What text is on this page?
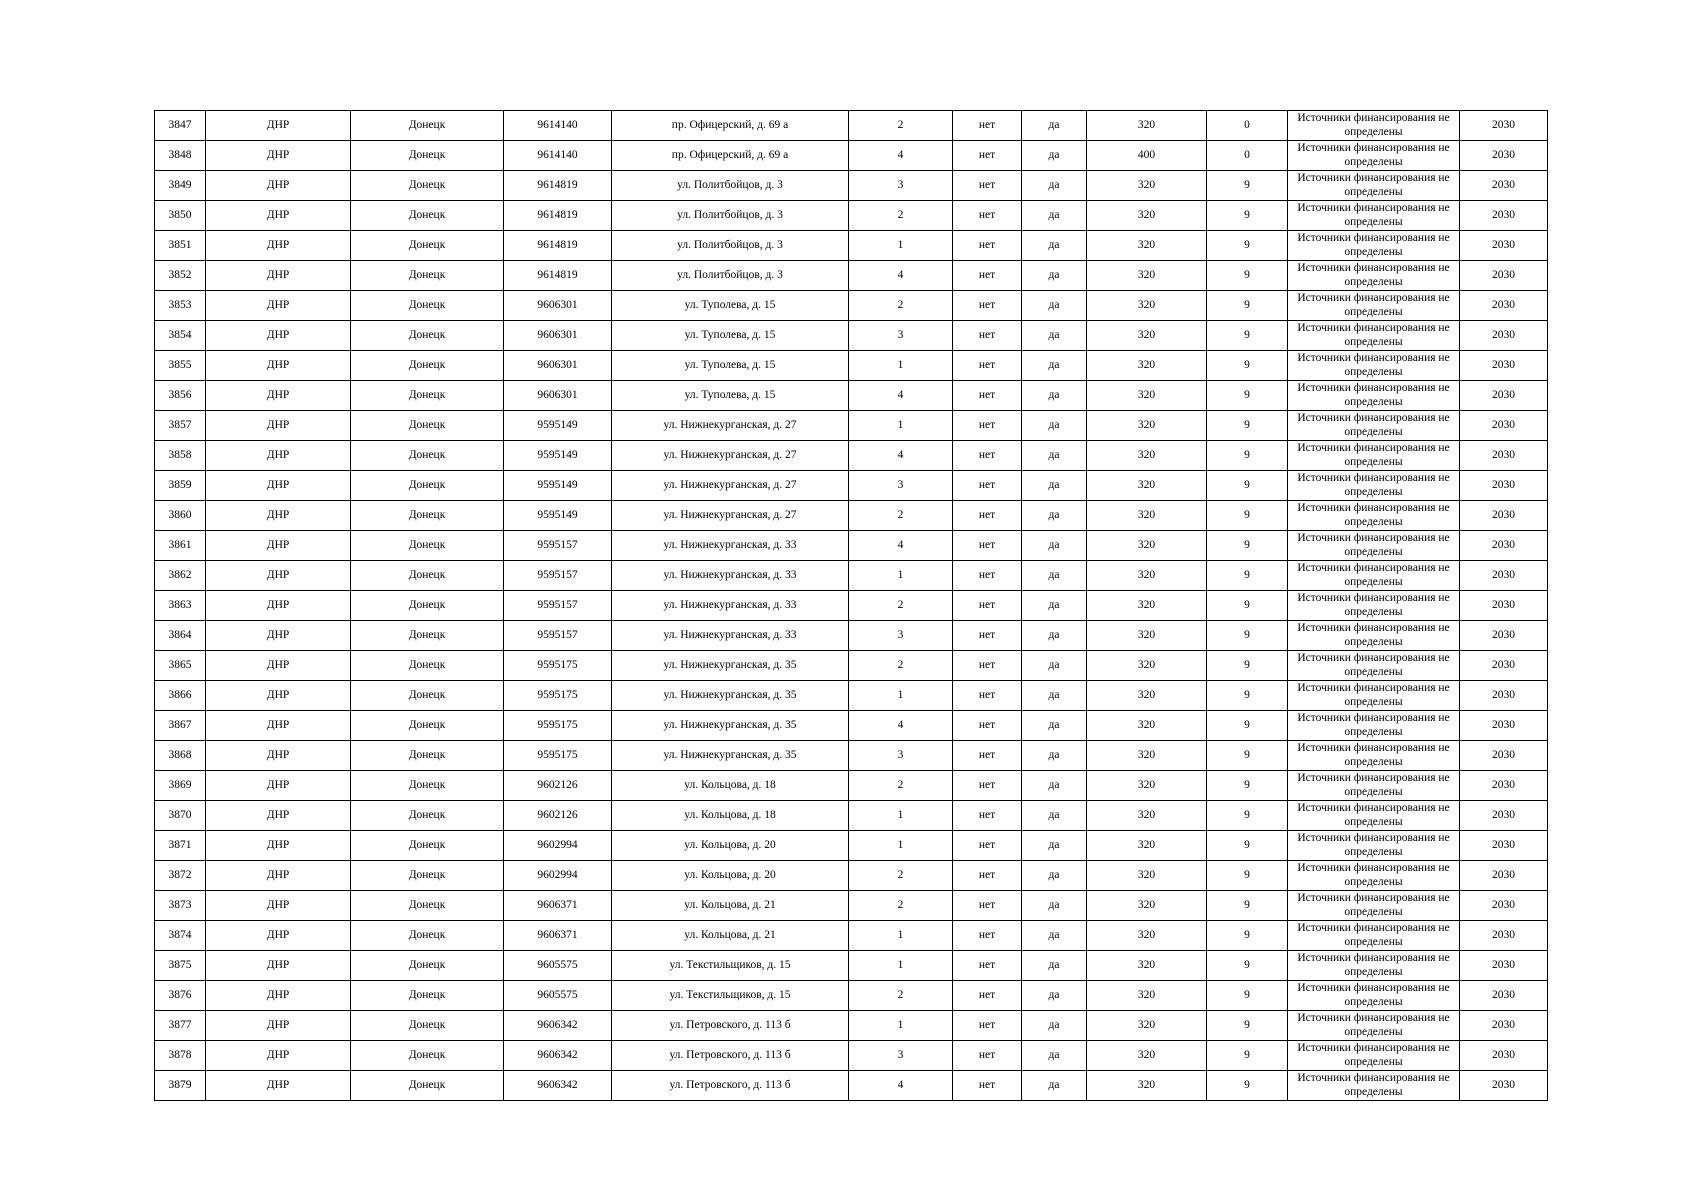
3847	ДНР	Донецк	9614140	пр. Офицерский, д. 69 а	2	нет	да	320	0	Источники финансирования не определены	2030
3848	ДНР	Донецк	9614140	пр. Офицерский, д. 69 а	4	нет	да	400	0	Источники финансирования не определены	2030
3849	ДНР	Донецк	9614819	ул. Политбойцов, д. 3	3	нет	да	320	9	Источники финансирования не определены	2030
3850	ДНР	Донецк	9614819	ул. Политбойцов, д. 3	2	нет	да	320	9	Источники финансирования не определены	2030
3851	ДНР	Донецк	9614819	ул. Политбойцов, д. 3	1	нет	да	320	9	Источники финансирования не определены	2030
3852	ДНР	Донецк	9614819	ул. Политбойцов, д. 3	4	нет	да	320	9	Источники финансирования не определены	2030
3853	ДНР	Донецк	9606301	ул. Туполева, д. 15	2	нет	да	320	9	Источники финансирования не определены	2030
3854	ДНР	Донецк	9606301	ул. Туполева, д. 15	3	нет	да	320	9	Источники финансирования не определены	2030
3855	ДНР	Донецк	9606301	ул. Туполева, д. 15	1	нет	да	320	9	Источники финансирования не определены	2030
3856	ДНР	Донецк	9606301	ул. Туполева, д. 15	4	нет	да	320	9	Источники финансирования не определены	2030
3857	ДНР	Донецк	9595149	ул. Нижнекурганская, д. 27	1	нет	да	320	9	Источники финансирования не определены	2030
3858	ДНР	Донецк	9595149	ул. Нижнекурганская, д. 27	4	нет	да	320	9	Источники финансирования не определены	2030
3859	ДНР	Донецк	9595149	ул. Нижнекурганская, д. 27	3	нет	да	320	9	Источники финансирования не определены	2030
3860	ДНР	Донецк	9595149	ул. Нижнекурганская, д. 27	2	нет	да	320	9	Источники финансирования не определены	2030
3861	ДНР	Донецк	9595157	ул. Нижнекурганская, д. 33	4	нет	да	320	9	Источники финансирования не определены	2030
3862	ДНР	Донецк	9595157	ул. Нижнекурганская, д. 33	1	нет	да	320	9	Источники финансирования не определены	2030
3863	ДНР	Донецк	9595157	ул. Нижнекурганская, д. 33	2	нет	да	320	9	Источники финансирования не определены	2030
3864	ДНР	Донецк	9595157	ул. Нижнекурганская, д. 33	3	нет	да	320	9	Источники финансирования не определены	2030
3865	ДНР	Донецк	9595175	ул. Нижнекурганская, д. 35	2	нет	да	320	9	Источники финансирования не определены	2030
3866	ДНР	Донецк	9595175	ул. Нижнекурганская, д. 35	1	нет	да	320	9	Источники финансирования не определены	2030
3867	ДНР	Донецк	9595175	ул. Нижнекурганская, д. 35	4	нет	да	320	9	Источники финансирования не определены	2030
3868	ДНР	Донецк	9595175	ул. Нижнекурганская, д. 35	3	нет	да	320	9	Источники финансирования не определены	2030
3869	ДНР	Донецк	9602126	ул. Кольцова, д. 18	2	нет	да	320	9	Источники финансирования не определены	2030
3870	ДНР	Донецк	9602126	ул. Кольцова, д. 18	1	нет	да	320	9	Источники финансирования не определены	2030
3871	ДНР	Донецк	9602994	ул. Кольцова, д. 20	1	нет	да	320	9	Источники финансирования не определены	2030
3872	ДНР	Донецк	9602994	ул. Кольцова, д. 20	2	нет	да	320	9	Источники финансирования не определены	2030
3873	ДНР	Донецк	9606371	ул. Кольцова, д. 21	2	нет	да	320	9	Источники финансирования не определены	2030
3874	ДНР	Донецк	9606371	ул. Кольцова, д. 21	1	нет	да	320	9	Источники финансирования не определены	2030
3875	ДНР	Донецк	9605575	ул. Текстильщиков, д. 15	1	нет	да	320	9	Источники финансирования не определены	2030
3876	ДНР	Донецк	9605575	ул. Текстильщиков, д. 15	2	нет	да	320	9	Источники финансирования не определены	2030
3877	ДНР	Донецк	9606342	ул. Петровского, д. 113 б	1	нет	да	320	9	Источники финансирования не определены	2030
3878	ДНР	Донецк	9606342	ул. Петровского, д. 113 б	3	нет	да	320	9	Источники финансирования не определены	2030
3879	ДНР	Донецк	9606342	ул. Петровского, д. 113 б	4	нет	да	320	9	Источники финансирования не определены	2030
